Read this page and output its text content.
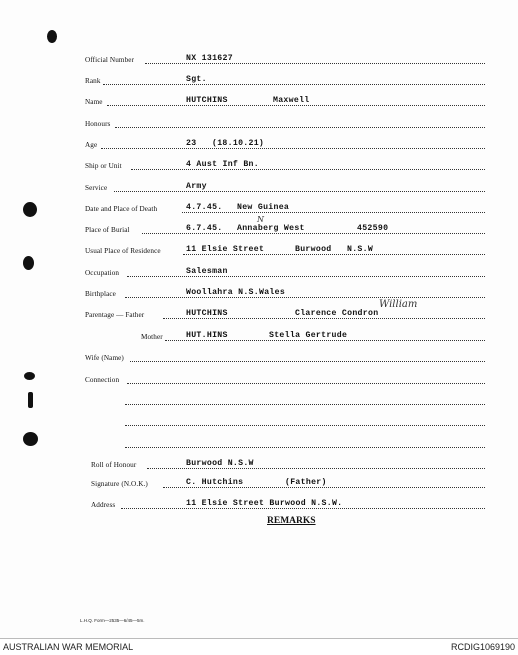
Official Number	NX 131627
Rank	Sgt.
Name	HUTCHINS	Maxwell
Honours
Age	23 (18.10.21)
Ship or Unit	4 Aust Inf Bn.
Service	Army
Date and Place of Death	4.7.45. New Guinea
Place of Burial	6.7.45. Annaberg West	452590
N
Usual Place of Residence	11 Elsie Street	Burwood N.S.W
Occupation	Salesman
Birthplace	Woollahra N.S.Wales
Parentage — Father	HUTCHINS	Clarence Condron
William
Mother	HUT.HINS	Stella Gertrude
Wife (Name)
Connection
Roll of Honour	Burwood N.S.W
Signature (N.O.K.)	C. Hutchins	(Father)
Address	11 Elsie Street Burwood N.S.W.
REMARKS
L.H.Q. Form—2535—6/45—5m.
AUSTRALIAN WAR MEMORIAL	RCDIG1069190
